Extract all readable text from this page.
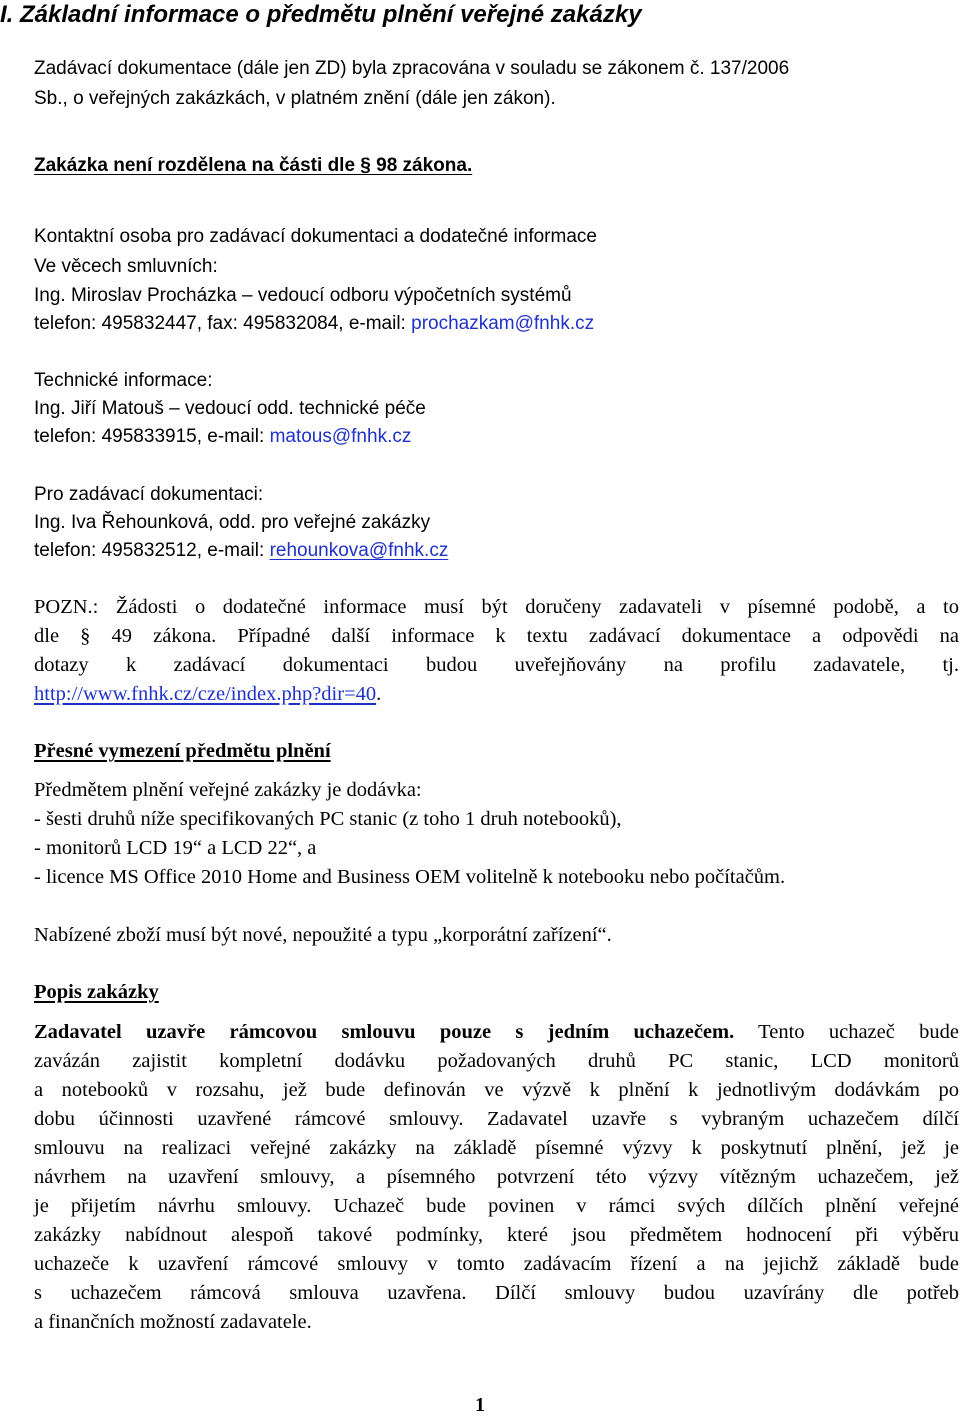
I. Základní informace o předmětu plnění veřejné zakázky
Zadávací dokumentace (dále jen ZD) byla zpracována v souladu se zákonem č. 137/2006
Sb., o veřejných zakázkách, v platném znění (dále jen zákon).
Zakázka není rozdělena na části dle § 98 zákona.
Kontaktní osoba pro zadávací dokumentaci a dodatečné informace
Ve věcech smluvních:
Ing. Miroslav Procházka – vedoucí odboru výpočetních systémů
telefon: 495832447, fax: 495832084, e-mail: prochazkam@fnhk.cz
Technické informace:
Ing. Jiří Matouš – vedoucí odd. technické péče
telefon: 495833915, e-mail: matous@fnhk.cz
Pro zadávací dokumentaci:
Ing. Iva Řehounková, odd. pro veřejné zakázky
telefon: 495832512, e-mail: rehounkova@fnhk.cz
POZN.: Žádosti o dodatečné informace musí být doručeny zadavateli v písemné podobě, a to
dle § 49 zákona. Případné další informace k textu zadávací dokumentace a odpovědi na
dotazy k zadávací dokumentaci budou uveřejňovány na profilu zadavatele, tj.
http://www.fnhk.cz/cze/index.php?dir=40.
Přesné vymezení předmětu plnění
Předmětem plnění veřejné zakázky je dodávka:
- šesti druhů níže specifikovaných PC stanic (z toho 1 druh notebooků),
- monitorů LCD 19“ a LCD 22“, a
- licence MS Office 2010 Home and Business OEM volitelně k notebooku nebo počítačům.
Nabízené zboží musí být nové, nepoužité a typu „korporátní zařízení“.
Popis zakázky
Zadavatel uzavře rámcovou smlouvu pouze s jedním uchazečem. Tento uchazeč bude
zavázán zajistit kompletní dodávku požadovaných druhů PC stanic, LCD monitorů
a notebooků v rozsahu, jež bude definován ve výzvě k plnění k jednotlivým dodávkám po
dobu účinnosti uzavřené rámcové smlouvy. Zadavatel uzavře s vybraným uchazečem dílčí
smlouvu na realizaci veřejné zakázky na základě písemné výzvy k poskytnutí plnění, jež je
návrhem na uzavření smlouvy, a písemného potvrzení této výzvy vítězným uchazečem, jež
je přijetím návrhu smlouvy. Uchazeč bude povinen v rámci svých dílčích plnění veřejné
zakázky nabídnout alespoň takové podmínky, které jsou předmětem hodnocení při výběru
uchazeče k uzavření rámcové smlouvy v tomto zadávacím řízení a na jejichž základě bude
s uchazečem rámcová smlouva uzavřena. Dílčí smlouvy budou uzavírány dle potřeb
a finančních možností zadavatele.
1
